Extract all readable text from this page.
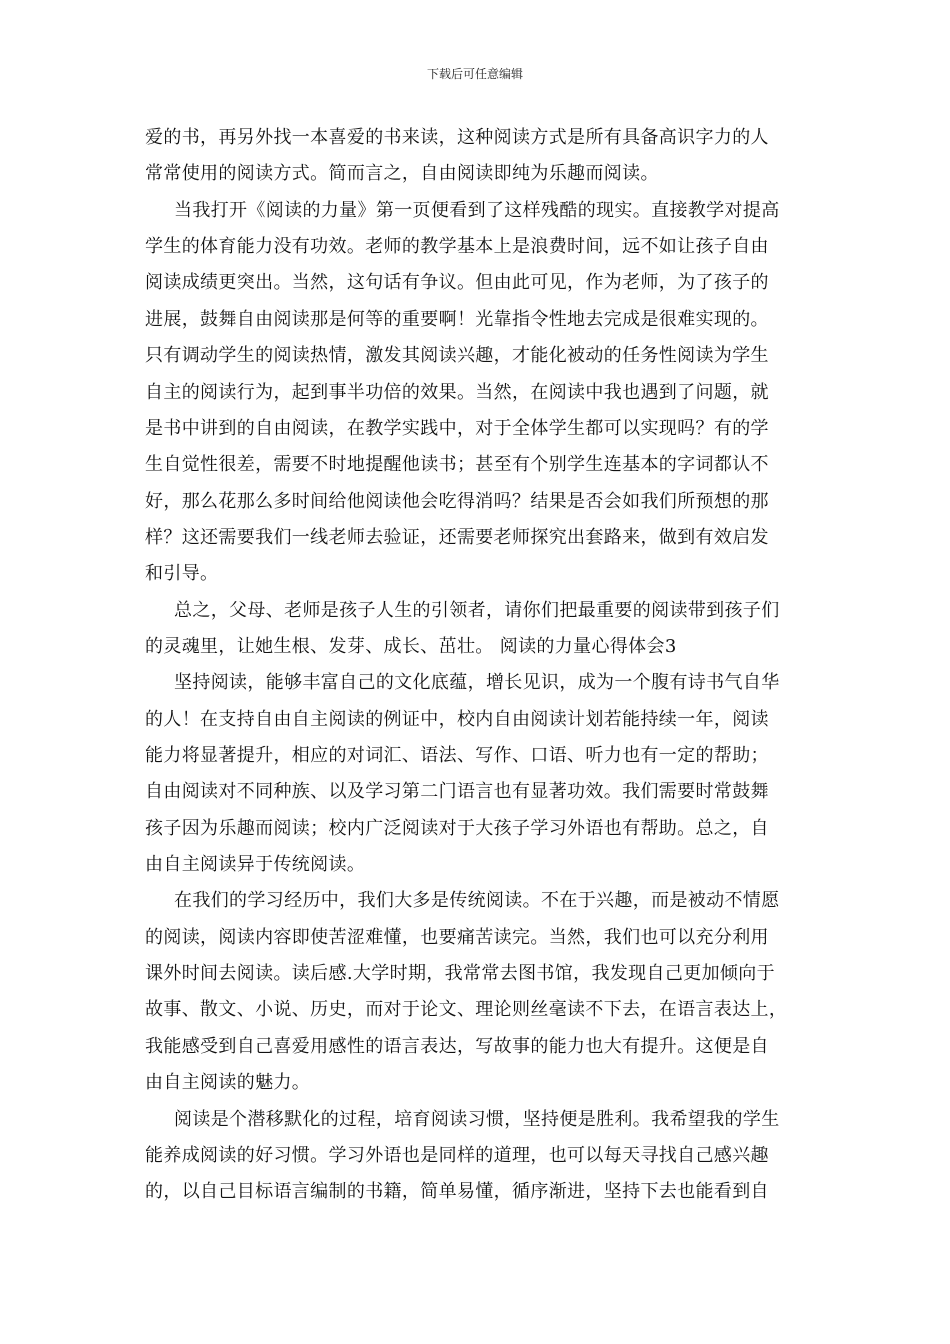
下载后可任意编辑
爱的书，再另外找一本喜爱的书来读，这种阅读方式是所有具备高识字力的人
常常使用的阅读方式。简而言之，自由阅读即纯为乐趣而阅读。
当我打开《阅读的力量》第一页便看到了这样残酷的现实。直接教学对提高
学生的体育能力没有功效。老师的教学基本上是浪费时间，远不如让孩子自由
阅读成绩更突出。当然，这句话有争议。但由此可见，作为老师，为了孩子的
进展，鼓舞自由阅读那是何等的重要啊！光靠指令性地去完成是很难实现的。
只有调动学生的阅读热情，激发其阅读兴趣，才能化被动的任务性阅读为学生
自主的阅读行为，起到事半功倍的效果。当然，在阅读中我也遇到了问题，就
是书中讲到的自由阅读，在教学实践中，对于全体学生都可以实现吗？有的学
生自觉性很差，需要不时地提醒他读书；甚至有个别学生连基本的字词都认不
好，那么花那么多时间给他阅读他会吃得消吗？结果是否会如我们所预想的那
样？这还需要我们一线老师去验证，还需要老师探究出套路来，做到有效启发
和引导。
总之，父母、老师是孩子人生的引领者，请你们把最重要的阅读带到孩子们
的灵魂里，让她生根、发芽、成长、茁壮。 阅读的力量心得体会3
坚持阅读，能够丰富自己的文化底蕴，增长见识，成为一个腹有诗书气自华
的人！在支持自由自主阅读的例证中，校内自由阅读计划若能持续一年，阅读
能力将显著提升，相应的对词汇、语法、写作、口语、听力也有一定的帮助；
自由阅读对不同种族、以及学习第二门语言也有显著功效。我们需要时常鼓舞
孩子因为乐趣而阅读；校内广泛阅读对于大孩子学习外语也有帮助。总之，自
由自主阅读异于传统阅读。
在我们的学习经历中，我们大多是传统阅读。不在于兴趣，而是被动不情愿
的阅读，阅读内容即使苦涩难懂，也要痛苦读完。当然，我们也可以充分利用
课外时间去阅读。读后感.大学时期，我常常去图书馆，我发现自己更加倾向于
故事、散文、小说、历史，而对于论文、理论则丝毫读不下去，在语言表达上，
我能感受到自己喜爱用感性的语言表达，写故事的能力也大有提升。这便是自
由自主阅读的魅力。
阅读是个潜移默化的过程，培育阅读习惯，坚持便是胜利。我希望我的学生
能养成阅读的好习惯。学习外语也是同样的道理，也可以每天寻找自己感兴趣
的，以自己目标语言编制的书籍，简单易懂，循序渐进，坚持下去也能看到自
